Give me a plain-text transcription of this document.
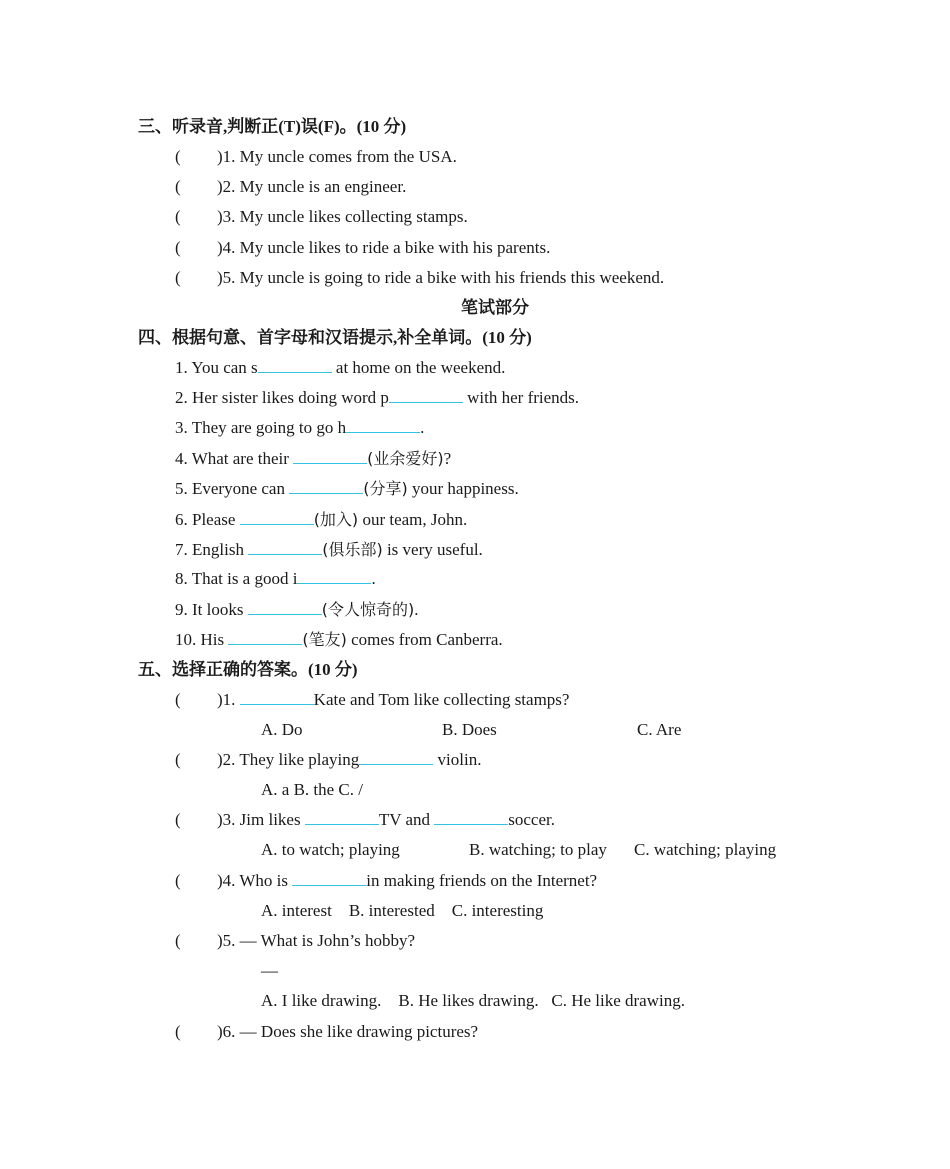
三、听录音,判断正(T)误(F)。(10 分)
( )1. My uncle comes from the USA.
( )2. My uncle is an engineer.
( )3. My uncle likes collecting stamps.
( )4. My uncle likes to ride a bike with his parents.
( )5. My uncle is going to ride a bike with his friends this weekend.
笔试部分
四、根据句意、首字母和汉语提示,补全单词。(10 分)
1. You can s	at home on the weekend.
2. Her sister likes doing word p	with her friends.
3. They are going to go h	.
4. What are their	(业余爱好)?
5. Everyone can	(分享) your happiness.
6. Please	(加入) our team, John.
7. English	(俱乐部) is very useful.
8. That is a good i	.
9. It looks	(令人惊奇的).
10. His	(笔友) comes from Canberra.
五、选择正确的答案。(10 分)
( )1.	Kate and Tom like collecting stamps?
A. Do	B. Does	C. Are
( )2. They like playing	violin.
A. a B. the C. /
( )3. Jim likes	TV and	soccer.
A. to watch; playing	B. watching; to play C. watching; playing
( )4. Who is	in making friends on the Internet?
A. interest    B. interested    C. interesting
( )5. — What is John’s hobby?
—
A. I like drawing.    B. He likes drawing.   C. He like drawing.
( )6. — Does she like drawing pictures?
